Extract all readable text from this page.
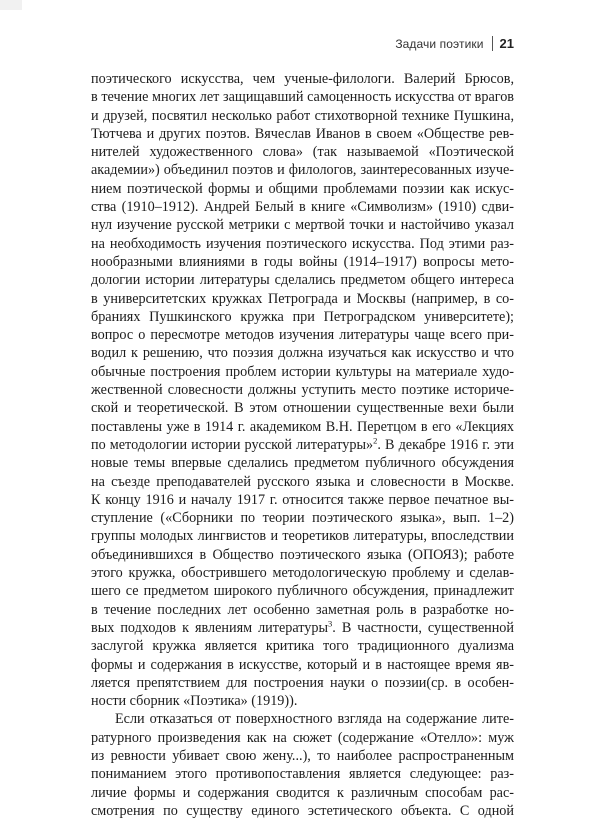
Задачи поэтики 21
поэтического искусства, чем ученые-филологи. Валерий Брюсов,
в течение многих лет защищавший самоценность искусства от врагов
и друзей, посвятил несколько работ стихотворной технике Пушкина,
Тютчева и других поэтов. Вячеслав Иванов в своем «Обществе рев-
нителей художественного слова» (так называемой «Поэтической
академии») объединил поэтов и филологов, заинтересованных изуче-
нием поэтической формы и общими проблемами поэзии как искус-
ства (1910–1912). Андрей Белый в книге «Символизм» (1910) сдви-
нул изучение русской метрики с мертвой точки и настойчиво указал
на необходимость изучения поэтического искусства. Под этими раз-
нообразными влияниями в годы войны (1914–1917) вопросы мето-
дологии истории литературы сделались предметом общего интереса
в университетских кружках Петрограда и Москвы (например, в со-
браниях Пушкинского кружка при Петроградском университете);
вопрос о пересмотре методов изучения литературы чаще всего при-
водил к решению, что поэзия должна изучаться как искусство и что
обычные построения проблем истории культуры на материале худо-
жественной словесности должны уступить место поэтике историче-
ской и теоретической. В этом отношении существенные вехи были
поставлены уже в 1914 г. академиком В.Н. Перетцом в его «Лекциях
по методологии истории русской литературы»$^2$. В декабре 1916 г. эти
новые темы впервые сделались предметом публичного обсуждения
на съезде преподавателей русского языка и словесности в Москве.
К концу 1916 и началу 1917 г. относится также первое печатное вы-
ступление («Сборники по теории поэтического языка», вып. 1–2)
группы молодых лингвистов и теоретиков литературы, впоследствии
объединившихся в Общество поэтического языка (ОПОЯЗ); работе
этого кружка, обострившего методологическую проблему и сделав-
шего се предметом широкого публичного обсуждения, принадлежит
в течение последних лет особенно заметная роль в разработке но-
вых подходов к явлениям литературы$^3$. В частности, существенной
заслугой кружка является критика того традиционного дуализма
формы и содержания в искусстве, который и в настоящее время яв-
ляется препятствием для построения науки о поэзии(ср. в особен-
ности сборник «Поэтика» (1919)).
Если отказаться от поверхностного взгляда на содержание лите-
ратурного произведения как на сюжет (содержание «Отелло»: муж
из ревности убивает свою жену...), то наиболее распространенным
пониманием этого противопоставления является следующее: раз-
личие формы и содержания сводится к различным способам рас-
смотрения по существу единого эстетического объекта. С одной
